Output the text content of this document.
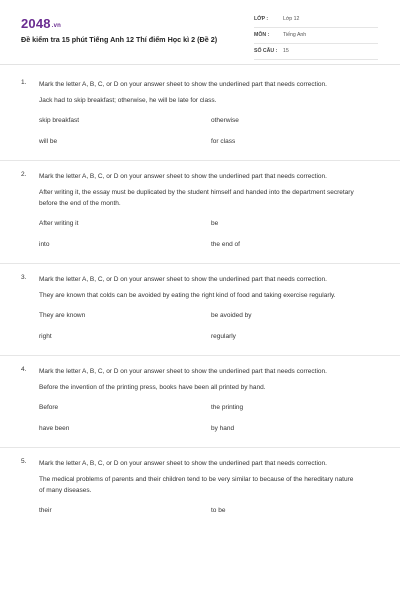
2048.vn
Đề kiểm tra 15 phút Tiếng Anh 12 Thí điểm Học kì 2 (Đề 2)
LỚP :	Lớp 12
MÔN :	Tiếng Anh
SỐ CÂU :	15
1. Mark the letter A, B, C, or D on your answer sheet to show the underlined part that needs correction.
Jack had to skip breakfast; otherwise, he will be late for class.
skip breakfast	otherwise
will be	for class
2. Mark the letter A, B, C, or D on your answer sheet to show the underlined part that needs correction.
After writing it, the essay must be duplicated by the student himself and handed into the department secretary before the end of the month.
After writing it	be
into	the end of
3. Mark the letter A, B, C, or D on your answer sheet to show the underlined part that needs correction.
They are known that colds can be avoided by eating the right kind of food and taking exercise regularly.
They are known	be avoided by
right	regularly
4. Mark the letter A, B, C, or D on your answer sheet to show the underlined part that needs correction.
Before the invention of the printing press, books have been all printed by hand.
Before	the printing
have been	by hand
5. Mark the letter A, B, C, or D on your answer sheet to show the underlined part that needs correction.
The medical problems of parents and their children tend to be very similar to because of the hereditary nature of many diseases.
their	to be
